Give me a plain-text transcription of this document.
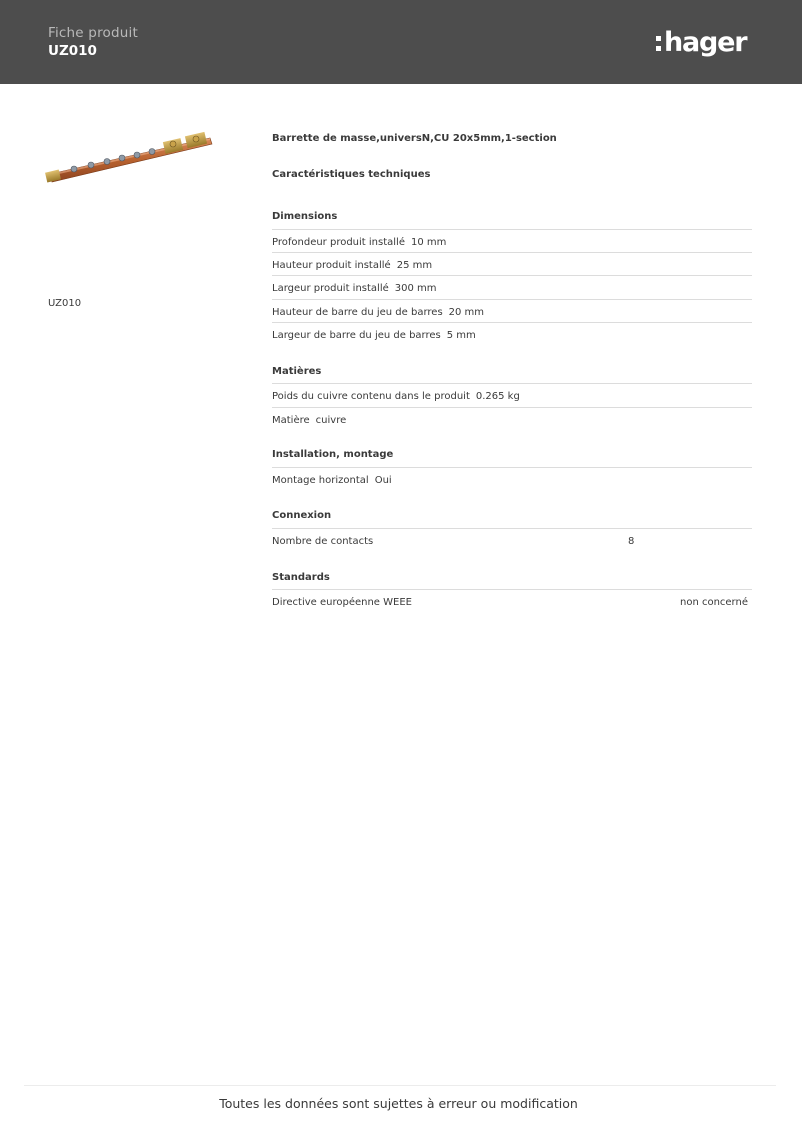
Fiche produit
UZ010	hager
UZ010
Barrette de masse,universN,CU 20x5mm,1-section
Caractéristiques techniques
Dimensions
Profondeur produit installé 10 mm
Hauteur produit installé 25 mm
Largeur produit installé 300 mm
Hauteur de barre du jeu de barres 20 mm
Largeur de barre du jeu de barres 5 mm
Matières
Poids du cuivre contenu dans le produit 0.265 kg
Matière cuivre
Installation, montage
Montage horizontal Oui
Connexion
Nombre de contacts	8
Standards
Directive européenne WEEE	non concerné
Toutes les données sont sujettes à erreur ou modification
